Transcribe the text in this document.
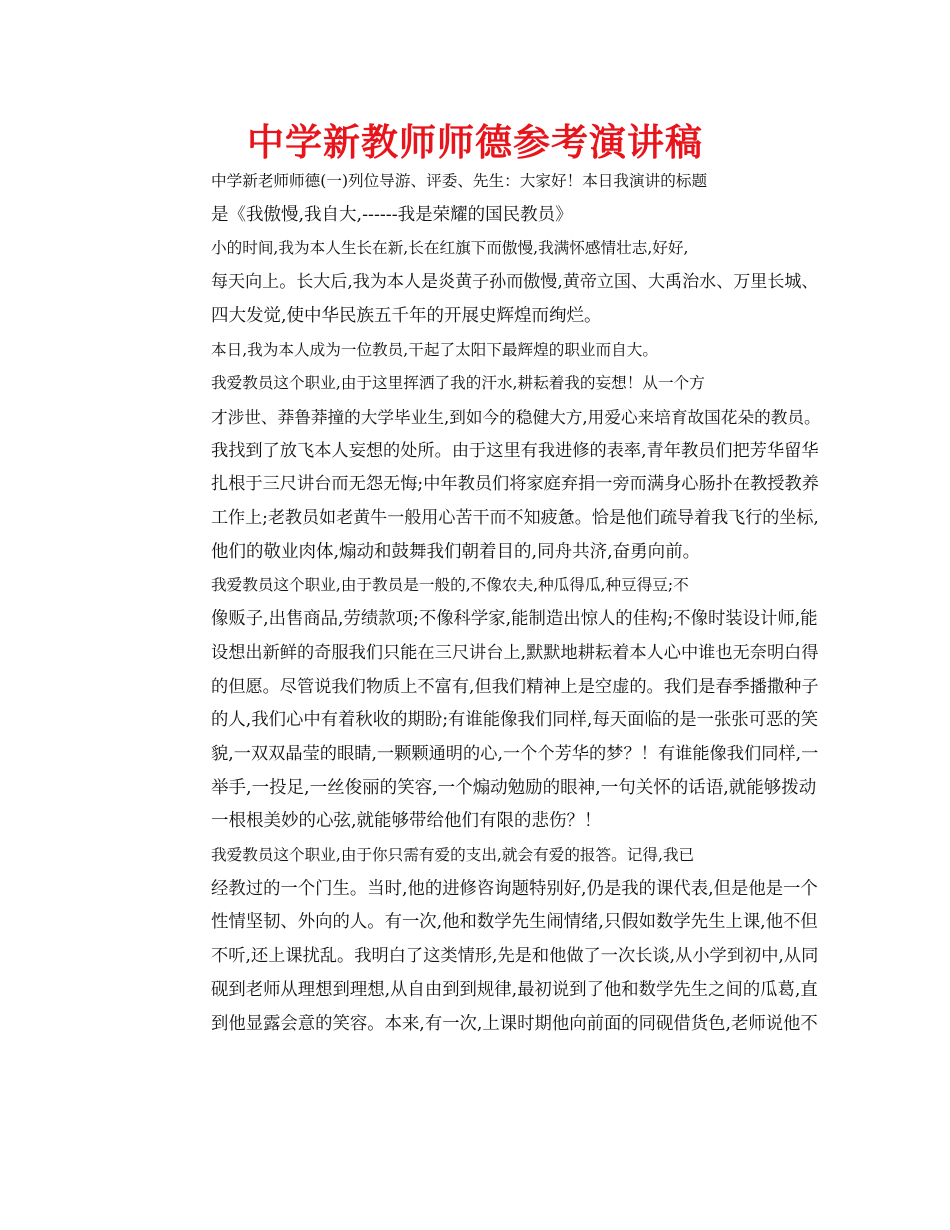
中学新教师师德参考演讲稿

中学新老师师德(一)列位导游、评委、先生：大家好！本日我演讲的标题
是《我傲慢,我自大,------我是荣耀的国民教员》

小的时间,我为本人生长在新,长在红旗下而傲慢,我满怀感情壮志,好好,
每天向上。长大后,我为本人是炎黄子孙而傲慢,黄帝立国、大禹治水、万里长城、
四大发觉,使中华民族五千年的开展史辉煌而绚烂。

本日,我为本人成为一位教员,干起了太阳下最辉煌的职业而自大。

我爱教员这个职业,由于这里挥洒了我的汗水,耕耘着我的妄想！从一个方
才涉世、莽鲁莽撞的大学毕业生,到如今的稳健大方,用爱心来培育故国花朵的教员。
我找到了放飞本人妄想的处所。由于这里有我进修的表率,青年教员们把芳华留华
扎根于三尺讲台而无怨无悔;中年教员们将家庭弃捐一旁而满身心肠扑在教授教养
工作上;老教员如老黄牛一般用心苦干而不知疲惫。恰是他们疏导着我飞行的坐标,
他们的敬业肉体,煽动和鼓舞我们朝着目的,同舟共济,奋勇向前。

我爱教员这个职业,由于教员是一般的,不像农夫,种瓜得瓜,种豆得豆;不
像贩子,出售商品,劳绩款项;不像科学家,能制造出惊人的佳构;不像时装设计师,能
设想出新鲜的奇服我们只能在三尺讲台上,默默地耕耘着本人心中谁也无奈明白得
的但愿。尽管说我们物质上不富有,但我们精神上是空虚的。我们是春季播撒种子
的人,我们心中有着秋收的期盼;有谁能像我们同样,每天面临的是一张张可恶的笑
貌,一双双晶莹的眼睛,一颗颗通明的心,一个个芳华的梦？！有谁能像我们同样,一
举手,一投足,一丝俊丽的笑容,一个煽动勉励的眼神,一句关怀的话语,就能够拨动
一根根美妙的心弦,就能够带给他们有限的悲伤？！

我爱教员这个职业,由于你只需有爱的支出,就会有爱的报答。记得,我已
经教过的一个门生。当时,他的进修咨询题特别好,仍是我的课代表,但是他是一个
性情坚韧、外向的人。有一次,他和数学先生闹情绪,只假如数学先生上课,他不但
不听,还上课扰乱。我明白了这类情形,先是和他做了一次长谈,从小学到初中,从同
砚到老师从理想到理想,从自由到到规律,最初说到了他和数学先生之间的瓜葛,直
到他显露会意的笑容。本来,有一次,上课时期他向前面的同砚借货色,老师说他不
